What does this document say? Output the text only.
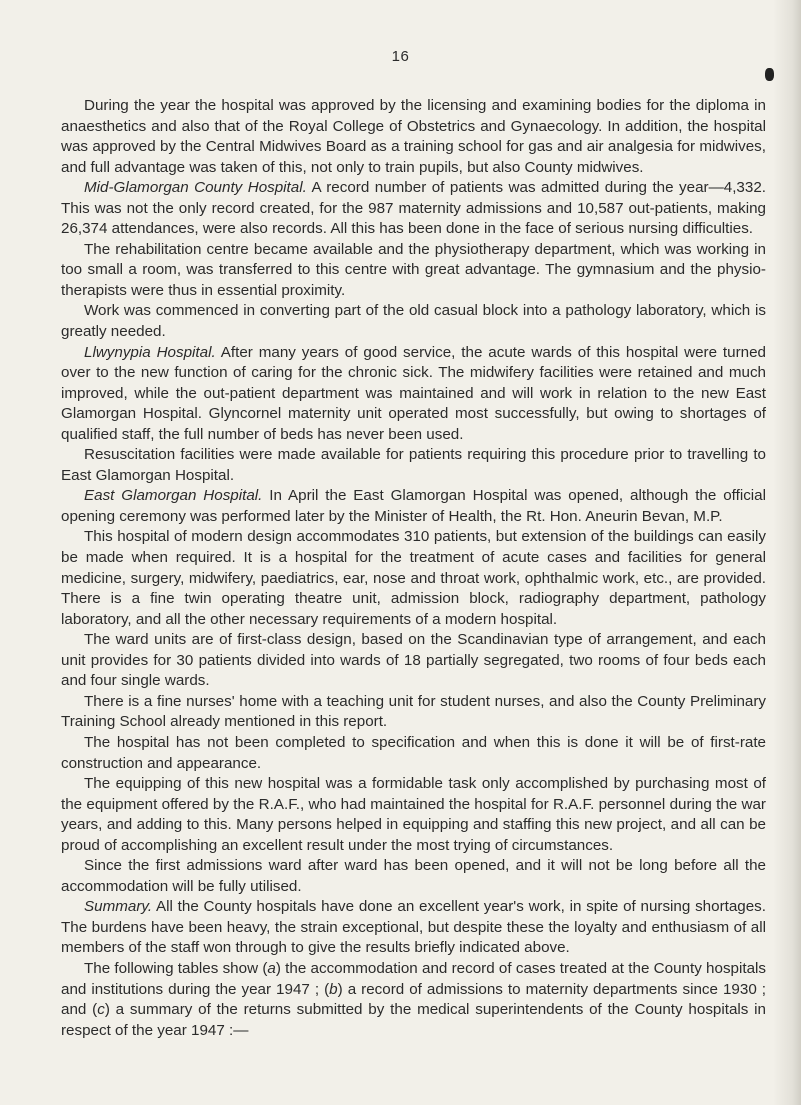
16

During the year the hospital was approved by the licensing and examining bodies for the diploma in anaesthetics and also that of the Royal College of Obstetrics and Gynaecology. In addition, the hospital was approved by the Central Midwives Board as a training school for gas and air analgesia for midwives, and full advantage was taken of this, not only to train pupils, but also County midwives.

Mid-Glamorgan County Hospital. A record number of patients was admitted during the year—4,332. This was not the only record created, for the 987 maternity admissions and 10,587 out-patients, making 26,374 attendances, were also records. All this has been done in the face of serious nursing difficulties.

The rehabilitation centre became available and the physiotherapy department, which was working in too small a room, was transferred to this centre with great advantage. The gymnasium and the physio-therapists were thus in essential proximity.

Work was commenced in converting part of the old casual block into a pathology laboratory, which is greatly needed.

Llwynypia Hospital. After many years of good service, the acute wards of this hospital were turned over to the new function of caring for the chronic sick. The midwifery facilities were retained and much improved, while the out-patient department was maintained and will work in relation to the new East Glamorgan Hospital. Glyncornel maternity unit operated most successfully, but owing to shortages of qualified staff, the full number of beds has never been used.

Resuscitation facilities were made available for patients requiring this procedure prior to travelling to East Glamorgan Hospital.

East Glamorgan Hospital. In April the East Glamorgan Hospital was opened, although the official opening ceremony was performed later by the Minister of Health, the Rt. Hon. Aneurin Bevan, M.P.

This hospital of modern design accommodates 310 patients, but extension of the buildings can easily be made when required. It is a hospital for the treatment of acute cases and facilities for general medicine, surgery, midwifery, paediatrics, ear, nose and throat work, ophthalmic work, etc., are provided. There is a fine twin operating theatre unit, admission block, radiography department, pathology laboratory, and all the other necessary requirements of a modern hospital.

The ward units are of first-class design, based on the Scandinavian type of arrangement, and each unit provides for 30 patients divided into wards of 18 partially segregated, two rooms of four beds each and four single wards.

There is a fine nurses' home with a teaching unit for student nurses, and also the County Preliminary Training School already mentioned in this report.

The hospital has not been completed to specification and when this is done it will be of first-rate construction and appearance.

The equipping of this new hospital was a formidable task only accomplished by purchasing most of the equipment offered by the R.A.F., who had maintained the hospital for R.A.F. personnel during the war years, and adding to this. Many persons helped in equipping and staffing this new project, and all can be proud of accomplishing an excellent result under the most trying of circumstances.

Since the first admissions ward after ward has been opened, and it will not be long before all the accommodation will be fully utilised.

Summary. All the County hospitals have done an excellent year's work, in spite of nursing shortages. The burdens have been heavy, the strain exceptional, but despite these the loyalty and enthusiasm of all members of the staff won through to give the results briefly indicated above.

The following tables show (a) the accommodation and record of cases treated at the County hospitals and institutions during the year 1947 ; (b) a record of admissions to maternity departments since 1930 ; and (c) a summary of the returns submitted by the medical superintendents of the County hospitals in respect of the year 1947 :—
